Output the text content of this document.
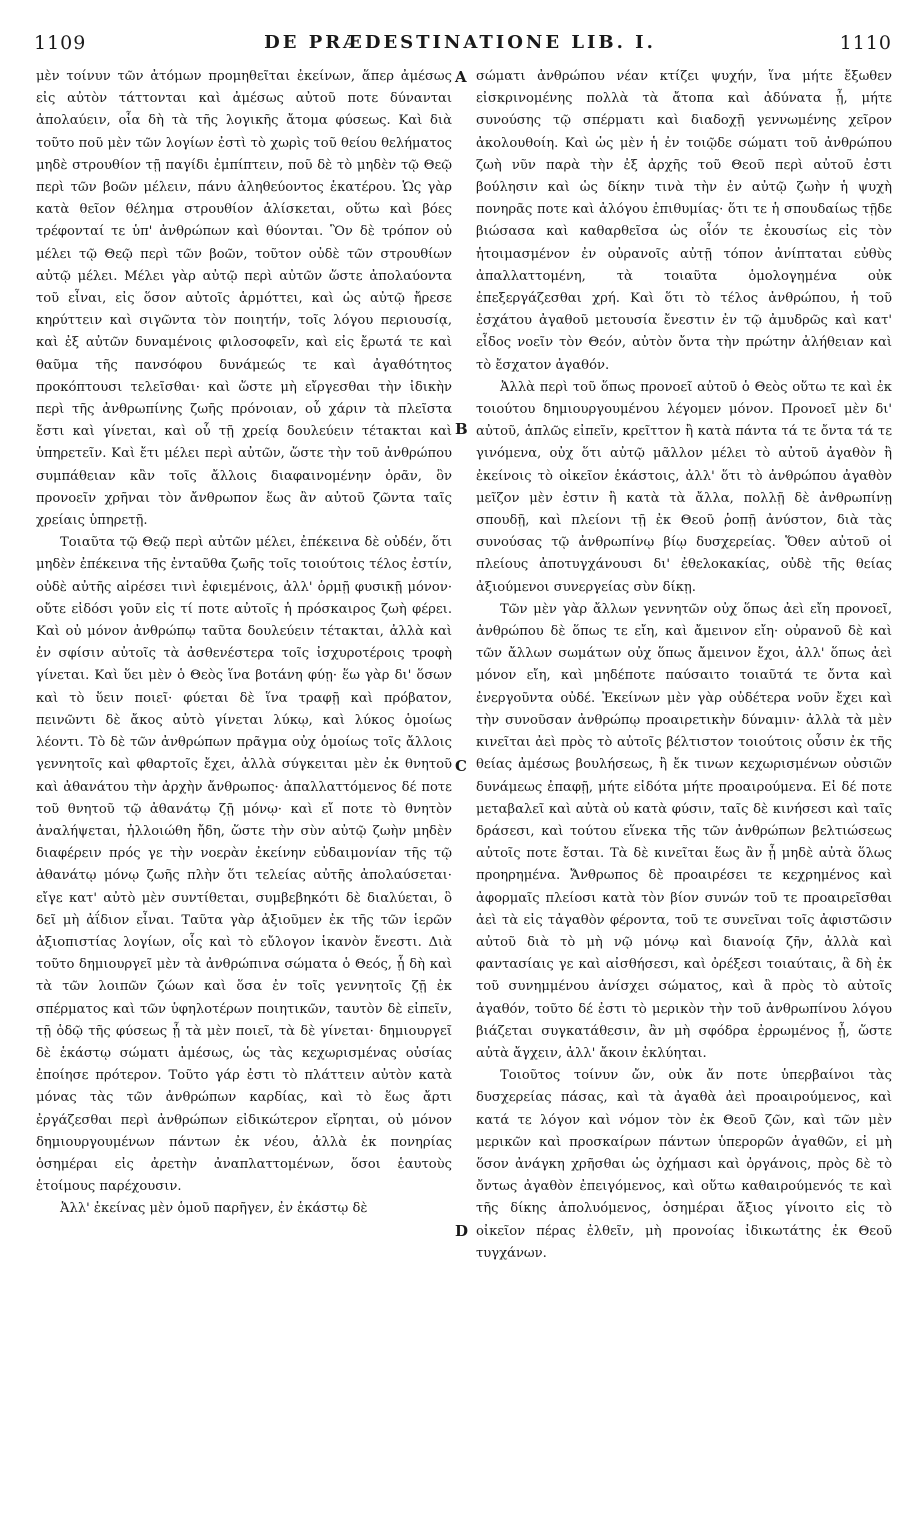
1109	DE PRÆDESTINATIONE LIB. I.	1110

μὲν τοίνυν τῶν ἀτόμων προμηθεῖται ἐκείνων, ἅπερ ἀμέσως εἰς αὐτὸν τάττονται καὶ ἀμέσως αὐτοῦ ποτε δύνανται ἀπολαύειν, οἷα δὴ τὰ τῆς λογικῆς ἄτομα φύσεως. Καὶ διὰ τοῦτο ποῦ μὲν τῶν λογίων ἐστὶ τὸ χωρὶς τοῦ θείου θελήματος μηδὲ στρουθίον τῇ παγίδι ἐμπίπτειν, ποῦ δὲ τὸ μηδὲν τῷ Θεῷ περὶ τῶν βοῶν μέλειν, πάνυ ἀληθεύοντος ἑκατέρου. Ὡς γὰρ κατὰ θεῖον θέλημα στρουθίον ἁλίσκεται, οὕτω καὶ βόες τρέφονταί τε ὑπ' ἀνθρώπων καὶ θύονται. Ὃν δὲ τρόπον οὐ μέλει τῷ Θεῷ περὶ τῶν βοῶν, τοῦτον οὐδὲ τῶν στρουθίων αὐτῷ μέλει. Μέλει γὰρ αὐτῷ περὶ αὐτῶν ὥστε ἀπολαύοντα τοῦ εἶναι, εἰς ὅσον αὐτοῖς ἁρμόττει, καὶ ὡς αὐτῷ ἤρεσε κηρύττειν καὶ σιγῶντα τὸν ποιητήν, τοῖς λόγου περιουσίᾳ, καὶ ἐξ αὐτῶν δυναμένοις φιλοσοφεῖν, καὶ εἰς ἔρωτά τε καὶ θαῦμα τῆς πανσόφου δυνάμεώς τε καὶ ἀγαθότητος προκόπτουσι τελεῖσθαι· καὶ ὥστε μὴ εἴργεσθαι τὴν ἰδικὴν περὶ τῆς ἀνθρωπίνης ζωῆς πρόνοιαν, οὗ χάριν τὰ πλεῖστα ἔστι καὶ γίνεται, καὶ οὗ τῇ χρείᾳ δουλεύειν τέτακται καὶ ὑπηρετεῖν. Καὶ ἔτι μέλει περὶ αὐτῶν, ὥστε τὴν τοῦ ἀνθρώπου συμπάθειαν κἂν τοῖς ἄλλοις διαφαινομένην ὁρᾶν, ὃν προνοεῖν χρῆναι τὸν ἄνθρωπον ἕως ἂν αὐτοῦ ζῶντα ταῖς χρείαις ὑπηρετῇ.

Τοιαῦτα τῷ Θεῷ περὶ αὐτῶν μέλει, ἐπέκεινα δὲ οὐδέν, ὅτι μηδὲν ἐπέκεινα τῆς ἐνταῦθα ζωῆς τοῖς τοιούτοις τέλος ἐστίν, οὐδὲ αὐτῆς αἱρέσει τινὶ ἐφιεμένοις, ἀλλ' ὁρμῇ φυσικῇ μόνον· οὔτε εἰδόσι γοῦν εἰς τί ποτε αὐτοῖς ἡ πρόσκαιρος ζωὴ φέρει. Καὶ οὐ μόνον ἀνθρώπῳ ταῦτα δουλεύειν τέτακται, ἀλλὰ καὶ ἐν σφίσιν αὐτοῖς τὰ ἀσθενέστερα τοῖς ἰσχυροτέροις τροφὴ γίνεται. Καὶ ὕει μὲν ὁ Θεὸς ἵνα βοτάνη φύῃ· ἕω γὰρ δι' ὅσων καὶ τὸ ὕειν ποιεῖ· φύεται δὲ ἵνα τραφῇ καὶ πρόβατον, πεινῶντι δὲ ἄκος αὐτὸ γίνεται λύκῳ, καὶ λύκος ὁμοίως λέοντι. Τὸ δὲ τῶν ἀνθρώπων πρᾶγμα οὐχ ὁμοίως τοῖς ἄλλοις γεννητοῖς καὶ φθαρτοῖς ἔχει, ἀλλὰ σύγκειται μὲν ἐκ θνητοῦ καὶ ἀθανάτου τὴν ἀρχὴν ἄνθρωπος· ἀπαλλαττόμενος δέ ποτε τοῦ θνητοῦ τῷ ἀθανάτῳ ζῇ μόνῳ· καὶ εἴ ποτε τὸ θνητὸν ἀναλήψεται, ἠλλοιώθη ἤδη, ὥστε τὴν σὺν αὐτῷ ζωὴν μηδὲν διαφέρειν πρός γε τὴν νοερὰν ἐκείνην εὐδαιμονίαν τῆς τῷ ἀθανάτῳ μόνῳ ζωῆς πλὴν ὅτι τελείας αὐτῆς ἀπολαύσεται· εἴγε κατ' αὐτὸ μὲν συντίθεται, συμβεβηκότι δὲ διαλύεται, ὃ δεῖ μὴ ἀΐδιον εἶναι. Ταῦτα γὰρ ἀξιοῦμεν ἐκ τῆς τῶν ἱερῶν ἀξιοπιστίας λογίων, οἷς καὶ τὸ εὔλογον ἱκανὸν ἔνεστι. Διὰ τοῦτο δημιουργεῖ μὲν τὰ ἀνθρώπινα σώματα ὁ Θεός, ᾗ δὴ καὶ τὰ τῶν λοιπῶν ζώων καὶ ὅσα ἐν τοῖς γεννητοῖς ζῇ ἐκ σπέρματος καὶ τῶν ὑφηλοτέρων ποιητικῶν, ταυτὸν δὲ εἰπεῖν, τῇ ὁδῷ τῆς φύσεως ᾗ τὰ μὲν ποιεῖ, τὰ δὲ γίνεται· δημιουργεῖ δὲ ἑκάστῳ σώματι ἀμέσως, ὡς τὰς κεχωρισμένας οὐσίας ἐποίησε πρότερον. Τοῦτο γάρ ἐστι τὸ πλάττειν αὐτὸν κατὰ μόνας τὰς τῶν ἀνθρώπων καρδίας, καὶ τὸ ἕως ἄρτι ἐργάζεσθαι περὶ ἀνθρώπων εἰδικώτερον εἴρηται, οὐ μόνον δημιουργουμένων πάντων ἐκ νέου, ἀλλὰ ἐκ πονηρίας ὁσημέραι εἰς ἀρετὴν ἀναπλαττομένων, ὅσοι ἑαυτοὺς ἑτοίμους παρέχουσιν.

Ἀλλ' ἐκείνας μὲν ὁμοῦ παρῆγεν, ἐν ἑκάστῳ δὲ

σώματι ἀνθρώπου νέαν κτίζει ψυχήν, ἵνα μήτε ἔξωθεν εἰσκρινομένης πολλὰ τὰ ἄτοπα καὶ ἀδύνατα ᾖ, μήτε συνούσης τῷ σπέρματι καὶ διαδοχῇ γεννωμένης χεῖρον ἀκολουθοίη. Καὶ ὡς μὲν ἡ ἐν τοιῷδε σώματι τοῦ ἀνθρώπου ζωὴ νῦν παρὰ τὴν ἐξ ἀρχῆς τοῦ Θεοῦ περὶ αὐτοῦ ἐστι βούλησιν καὶ ὡς δίκην τινὰ τὴν ἐν αὐτῷ ζωὴν ἡ ψυχὴ πονηρᾶς ποτε καὶ ἀλόγου ἐπιθυμίας· ὅτι τε ἡ σπουδαίως τῇδε βιώσασα καὶ καθαρθεῖσα ὡς οἷόν τε ἑκουσίως εἰς τὸν ἡτοιμασμένον ἐν οὐρανοῖς αὐτῇ τόπον ἀνίπταται εὐθὺς ἀπαλλαττομένη, τὰ τοιαῦτα ὁμολογημένα οὐκ ἐπεξεργάζεσθαι χρή. Καὶ ὅτι τὸ τέλος ἀνθρώπου, ἡ τοῦ ἐσχάτου ἀγαθοῦ μετουσία ἔνεστιν ἐν τῷ ἀμυδρῶς καὶ κατ' εἶδος νοεῖν τὸν Θεόν, αὐτὸν ὄντα τὴν πρώτην ἀλήθειαν καὶ τὸ ἔσχατον ἀγαθόν.

Ἀλλὰ περὶ τοῦ ὅπως προνοεῖ αὐτοῦ ὁ Θεὸς οὕτω τε καὶ ἐκ τοιούτου δημιουργουμένου λέγομεν μόνον. Προνοεῖ μὲν δι' αὐτοῦ, ἁπλῶς εἰπεῖν, κρεῖττον ἢ κατὰ πάντα τά τε ὄντα τά τε γινόμενα, οὐχ ὅτι αὐτῷ μᾶλλον μέλει τὸ αὐτοῦ ἀγαθὸν ἢ ἐκείνοις τὸ οἰκεῖον ἑκάστοις, ἀλλ' ὅτι τὸ ἀνθρώπου ἀγαθὸν μεῖζον μὲν ἐστιν ἢ κατὰ τὰ ἄλλα, πολλῇ δὲ ἀνθρωπίνῃ σπουδῇ, καὶ πλείονι τῇ ἐκ Θεοῦ ῥοπῇ ἀνύστον, διὰ τὰς συνούσας τῷ ἀνθρωπίνῳ βίῳ δυσχερείας. Ὅθεν αὐτοῦ οἱ πλείους ἀποτυγχάνουσι δι' ἐθελοκακίας, οὐδὲ τῆς θείας ἀξιούμενοι συνεργείας σὺν δίκῃ.

Τῶν μὲν γὰρ ἄλλων γεννητῶν οὐχ ὅπως ἀεὶ εἴη προνοεῖ, ἀνθρώπου δὲ ὅπως τε εἴη, καὶ ἄμεινον εἴη· οὐρανοῦ δὲ καὶ τῶν ἄλλων σωμάτων οὐχ ὅπως ἄμεινον ἔχοι, ἀλλ' ὅπως ἀεὶ μόνον εἴη, καὶ μηδέποτε παύσαιτο τοιαῦτά τε ὄντα καὶ ἐνεργοῦντα οὐδέ. Ἐκείνων μὲν γὰρ οὐδέτερα νοῦν ἔχει καὶ τὴν συνοῦσαν ἀνθρώπῳ προαιρετικὴν δύναμιν· ἀλλὰ τὰ μὲν κινεῖται ἀεὶ πρὸς τὸ αὐτοῖς βέλτιστον τοιούτοις οὖσιν ἐκ τῆς θείας ἀμέσως βουλήσεως, ἢ ἔκ τινων κεχωρισμένων οὐσιῶν δυνάμεως ἐπαφῇ, μήτε εἰδότα μήτε προαιρούμενα. Εἰ δέ ποτε μεταβαλεῖ καὶ αὐτὰ οὐ κατὰ φύσιν, ταῖς δὲ κινήσεσι καὶ ταῖς δράσεσι, καὶ τούτου εἵνεκα τῆς τῶν ἀνθρώπων βελτιώσεως αὐτοῖς ποτε ἔσται. Τὰ δὲ κινεῖται ἕως ἂν ᾖ μηδὲ αὐτὰ ὅλως προηρημένα. Ἄνθρωπος δὲ προαιρέσει τε κεχρημένος καὶ ἀφορμαῖς πλείοσι κατὰ τὸν βίον συνών τοῦ τε προαιρεῖσθαι ἀεὶ τὰ εἰς τἀγαθὸν φέροντα, τοῦ τε συνεῖναι τοῖς ἀφιστῶσιν αὐτοῦ διὰ τὸ μὴ νῷ μόνῳ καὶ διανοίᾳ ζῆν, ἀλλὰ καὶ φαντασίαις γε καὶ αἰσθήσεσι, καὶ ὀρέξεσι τοιαύταις, ἃ δὴ ἐκ τοῦ συνημμένου ἀνίσχει σώματος, καὶ ἃ πρὸς τὸ αὐτοῖς ἀγαθόν, τοῦτο δέ ἐστι τὸ μερικὸν τὴν τοῦ ἀνθρωπίνου λόγου βιάζεται συγκατάθεσιν, ἂν μὴ σφόδρα ἐρρωμένος ᾖ, ὥστε αὐτὰ ἄγχειν, ἀλλ' ἄκοιν ἐκλύηται.

Τοιοῦτος τοίνυν ὤν, οὐκ ἄν ποτε ὑπερβαίνοι τὰς δυσχερείας πάσας, καὶ τὰ ἀγαθὰ ἀεὶ προαιρούμενος, καὶ κατά τε λόγον καὶ νόμον τὸν ἐκ Θεοῦ ζῶν, καὶ τῶν μὲν μερικῶν καὶ προσκαίρων πάντων ὑπερορῶν ἀγαθῶν, εἰ μὴ ὅσον ἀνάγκη χρῆσθαι ὡς ὀχήμασι καὶ ὀργάνοις, πρὸς δὲ τὸ ὄντως ἀγαθὸν ἐπειγόμενος, καὶ οὕτω καθαιρούμενός τε καὶ τῆς δίκης ἀπολυόμενος, ὁσημέραι ἄξιος γίνοιτο εἰς τὸ οἰκεῖον πέρας ἐλθεῖν, μὴ προνοίας ἰδικωτάτης ἐκ Θεοῦ τυγχάνων.

A
B
C
D
